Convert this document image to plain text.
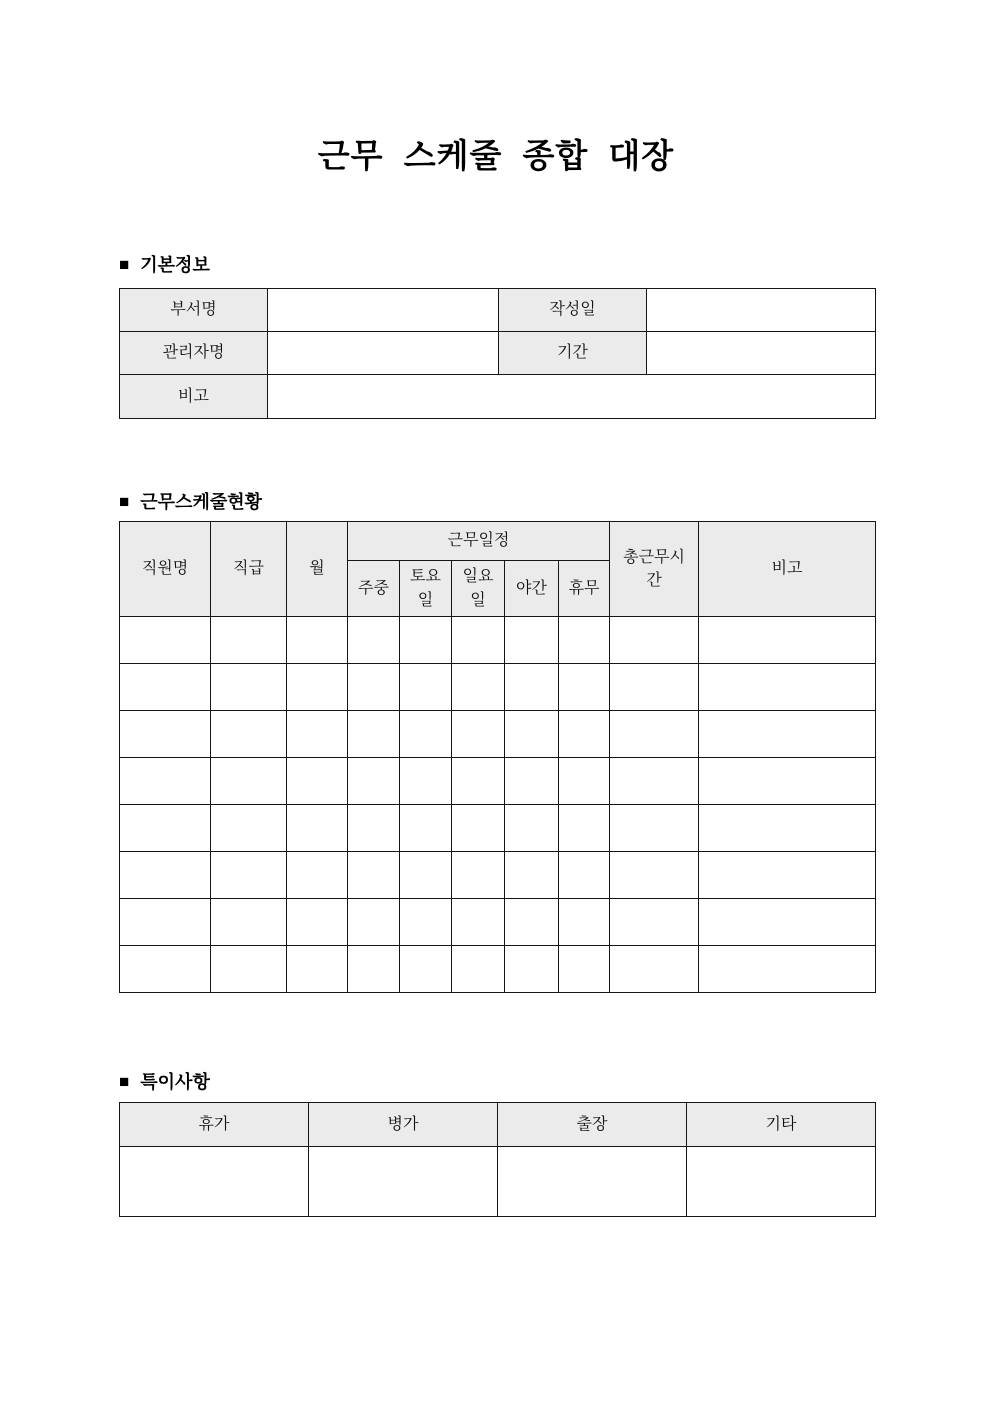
근무 스케줄 종합 대장
■ 기본정보
부서명		작성일	
관리자명		기간	
비고			
■ 근무스케줄현황
직원명	직급	월	근무일정					총근무시간	비고
			주중	토요일	일요일	야간	휴무		

■ 특이사항
휴가	병가	출장	기타
